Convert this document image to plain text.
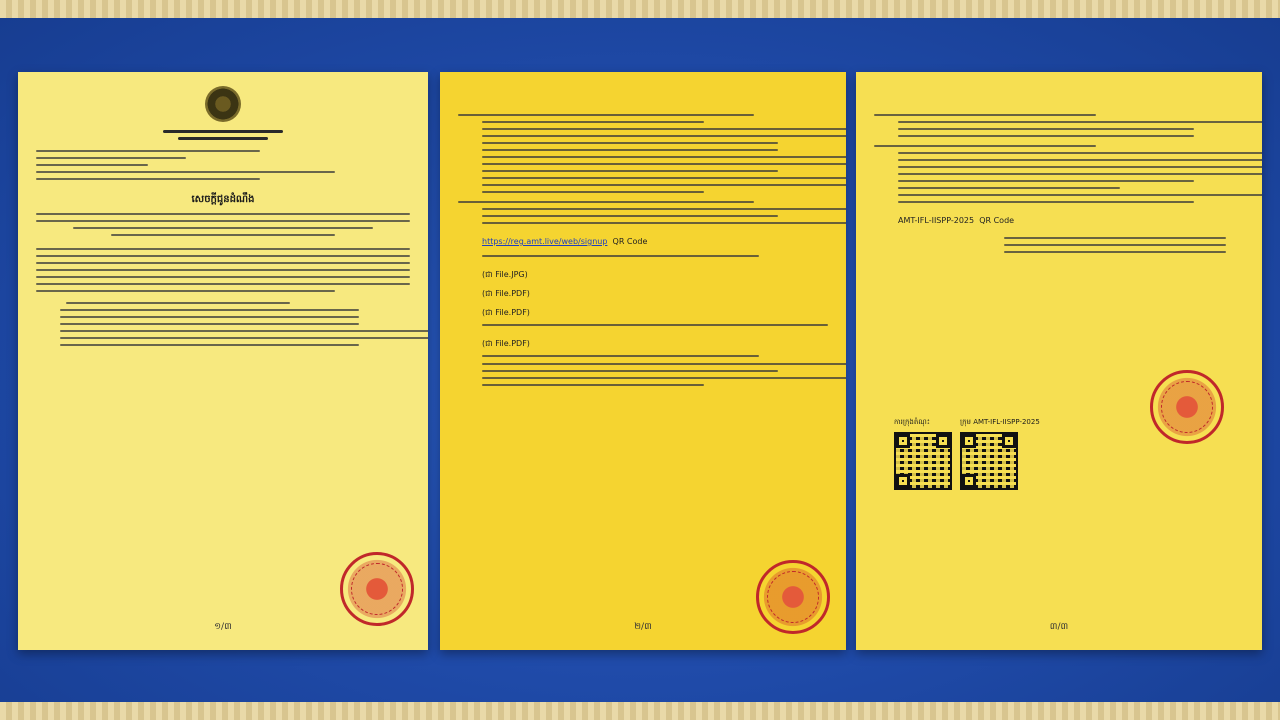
សេចក្តីជូនដំណឹង
១/៣
https://reg.amt.live/web/signup QR Code
(ជា File.JPG)
(ជា File.PDF)
(ជា File.PDF)
(ជា File.PDF)
២/៣
AMT-IFL-IISPP-2025 QR Code
ការក្រុងតំណុះ	ក្រុម AMT-IFL-IISPP-2025
៣/៣
